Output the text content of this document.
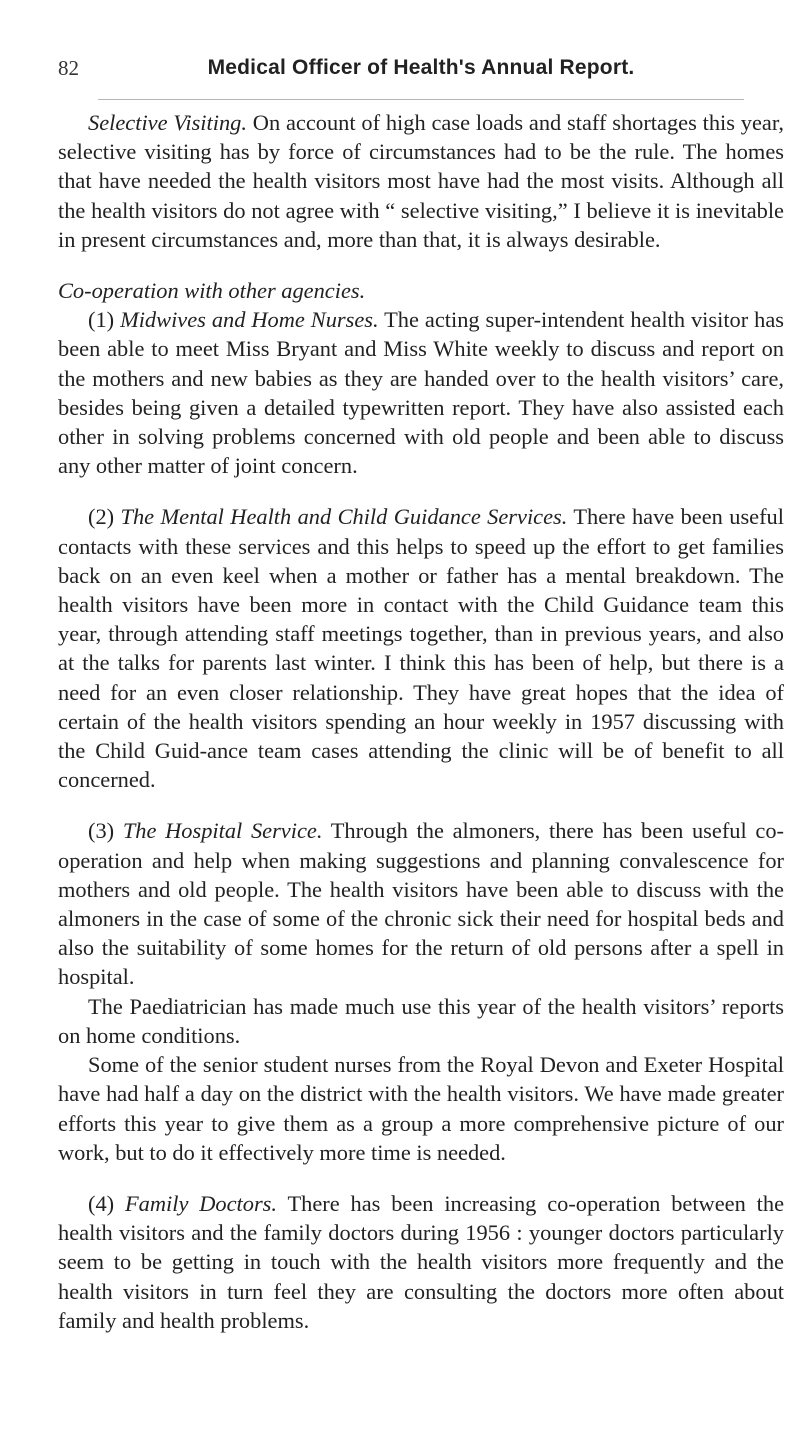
82	Medical Officer of Health's Annual Report.

Selective Visiting. On account of high case loads and staff shortages this year, selective visiting has by force of circumstances had to be the rule. The homes that have needed the health visitors most have had the most visits. Although all the health visitors do not agree with “ selective visiting,” I believe it is inevitable in present circumstances and, more than that, it is always desirable.

Co-operation with other agencies.

(1) Midwives and Home Nurses. The acting super-intendent health visitor has been able to meet Miss Bryant and Miss White weekly to discuss and report on the mothers and new babies as they are handed over to the health visitors’ care, besides being given a detailed typewritten report. They have also assisted each other in solving problems concerned with old people and been able to discuss any other matter of joint concern.

(2) The Mental Health and Child Guidance Services. There have been useful contacts with these services and this helps to speed up the effort to get families back on an even keel when a mother or father has a mental breakdown. The health visitors have been more in contact with the Child Guidance team this year, through attending staff meetings together, than in previous years, and also at the talks for parents last winter. I think this has been of help, but there is a need for an even closer relationship. They have great hopes that the idea of certain of the health visitors spending an hour weekly in 1957 discussing with the Child Guid-ance team cases attending the clinic will be of benefit to all concerned.

(3) The Hospital Service. Through the almoners, there has been useful co-operation and help when making suggestions and planning convalescence for mothers and old people. The health visitors have been able to discuss with the almoners in the case of some of the chronic sick their need for hospital beds and also the suitability of some homes for the return of old persons after a spell in hospital.

The Paediatrician has made much use this year of the health visitors’ reports on home conditions.

Some of the senior student nurses from the Royal Devon and Exeter Hospital have had half a day on the district with the health visitors. We have made greater efforts this year to give them as a group a more comprehensive picture of our work, but to do it effectively more time is needed.

(4) Family Doctors. There has been increasing co-operation between the health visitors and the family doctors during 1956 : younger doctors particularly seem to be getting in touch with the health visitors more frequently and the health visitors in turn feel they are consulting the doctors more often about family and health problems.
